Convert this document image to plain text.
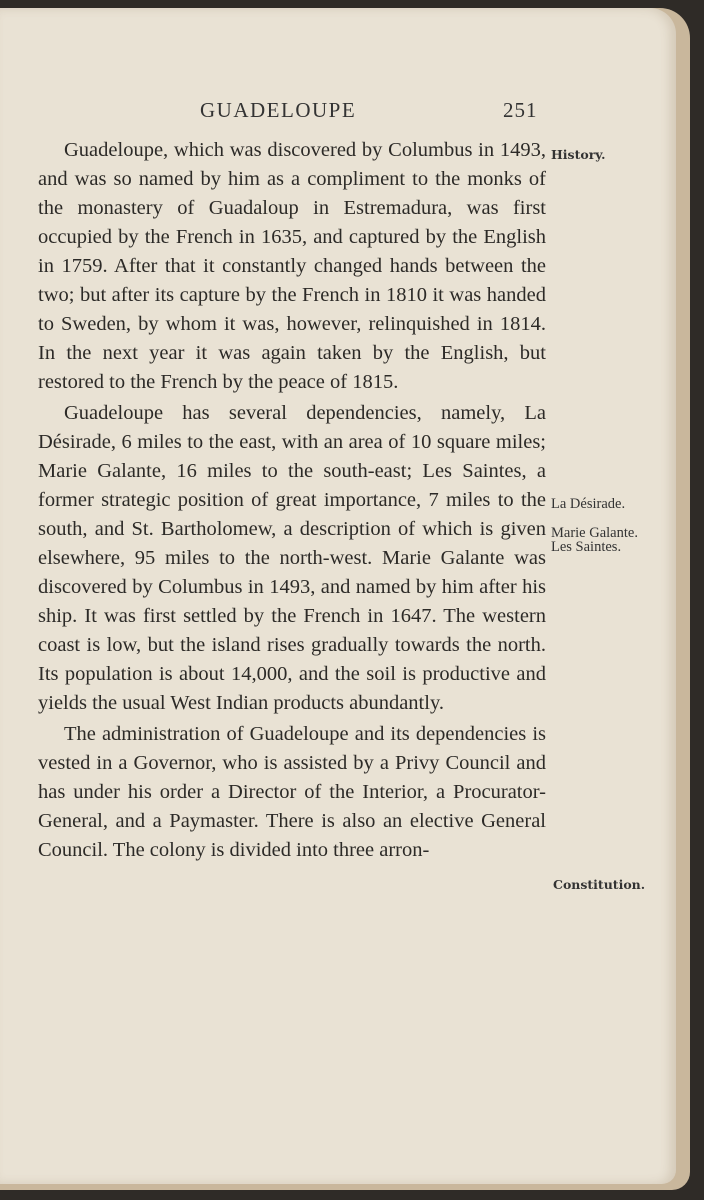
GUADELOUPE	251

Guadeloupe, which was discovered by Columbus in 1493, and was so named by him as a compliment to the monks of the monastery of Guadaloup in Estremadura, was first occupied by the French in 1635, and captured by the English in 1759. After that it constantly changed hands between the two; but after its capture by the French in 1810 it was handed to Sweden, by whom it was, however, relinquished in 1814. In the next year it was again taken by the English, but restored to the French by the peace of 1815.

Guadeloupe has several dependencies, namely, La Désirade, 6 miles to the east, with an area of 10 square miles; Marie Galante, 16 miles to the south-east; Les Saintes, a former strategic position of great importance, 7 miles to the south, and St. Bartholomew, a description of which is given elsewhere, 95 miles to the north-west. Marie Galante was discovered by Columbus in 1493, and named by him after his ship. It was first settled by the French in 1647. The western coast is low, but the island rises gradually towards the north. Its population is about 14,000, and the soil is productive and yields the usual West Indian products abundantly.

The administration of Guadeloupe and its dependencies is vested in a Governor, who is assisted by a Privy Council and has under his order a Director of the Interior, a Procurator-General, and a Paymaster. There is also an elective General Council. The colony is divided into three arron-

History.
La Désirade.
Marie Galante.
Les Saintes.
Constitution.
